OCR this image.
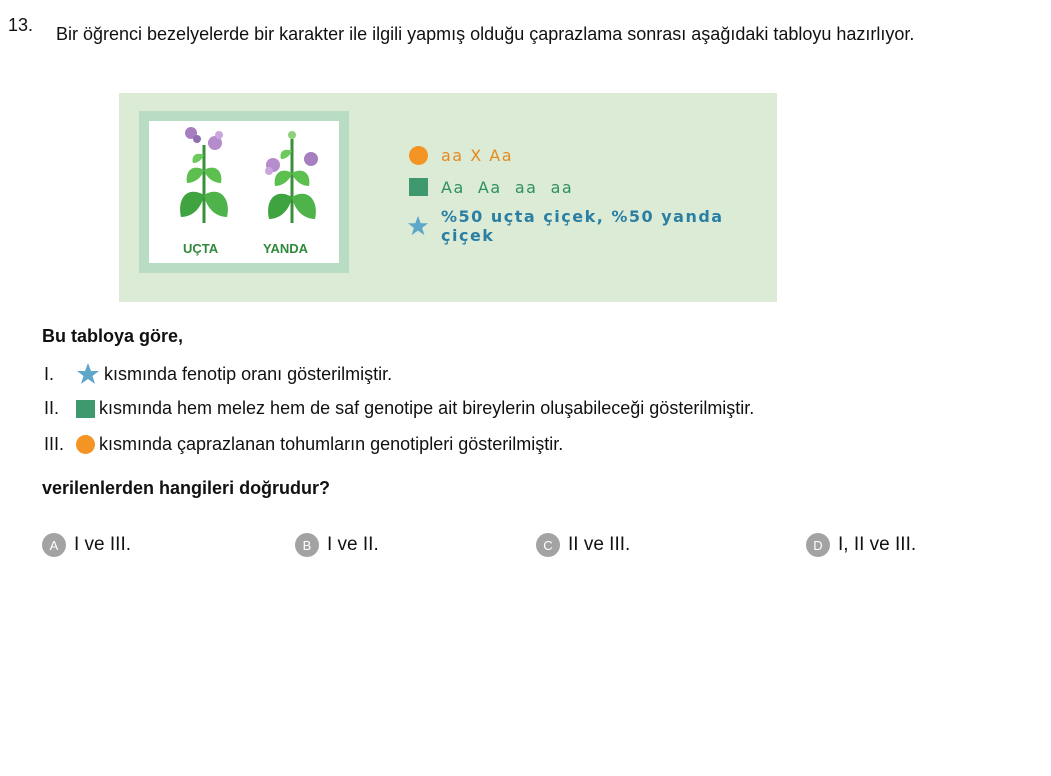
13. Bir öğrenci bezelyelerde bir karakter ile ilgili yapmış olduğu çaprazlama sonrası aşağıdaki tabloyu hazırlıyor.
UÇTA	YANDA
aa X Aa
Aa  Aa  aa  aa
%50 uçta çiçek, %50 yanda çiçek
Bu tabloya göre,
I.	kısmında fenotip oranı gösterilmiştir.
II.	kısmında hem melez hem de saf genotipe ait bireylerin oluşabileceği gösterilmiştir.
III.	kısmında çaprazlanan tohumların genotipleri gösterilmiştir.
verilenlerden hangileri doğrudur?
A I ve III.	B I ve II.	C II ve III.	D I, II ve III.
